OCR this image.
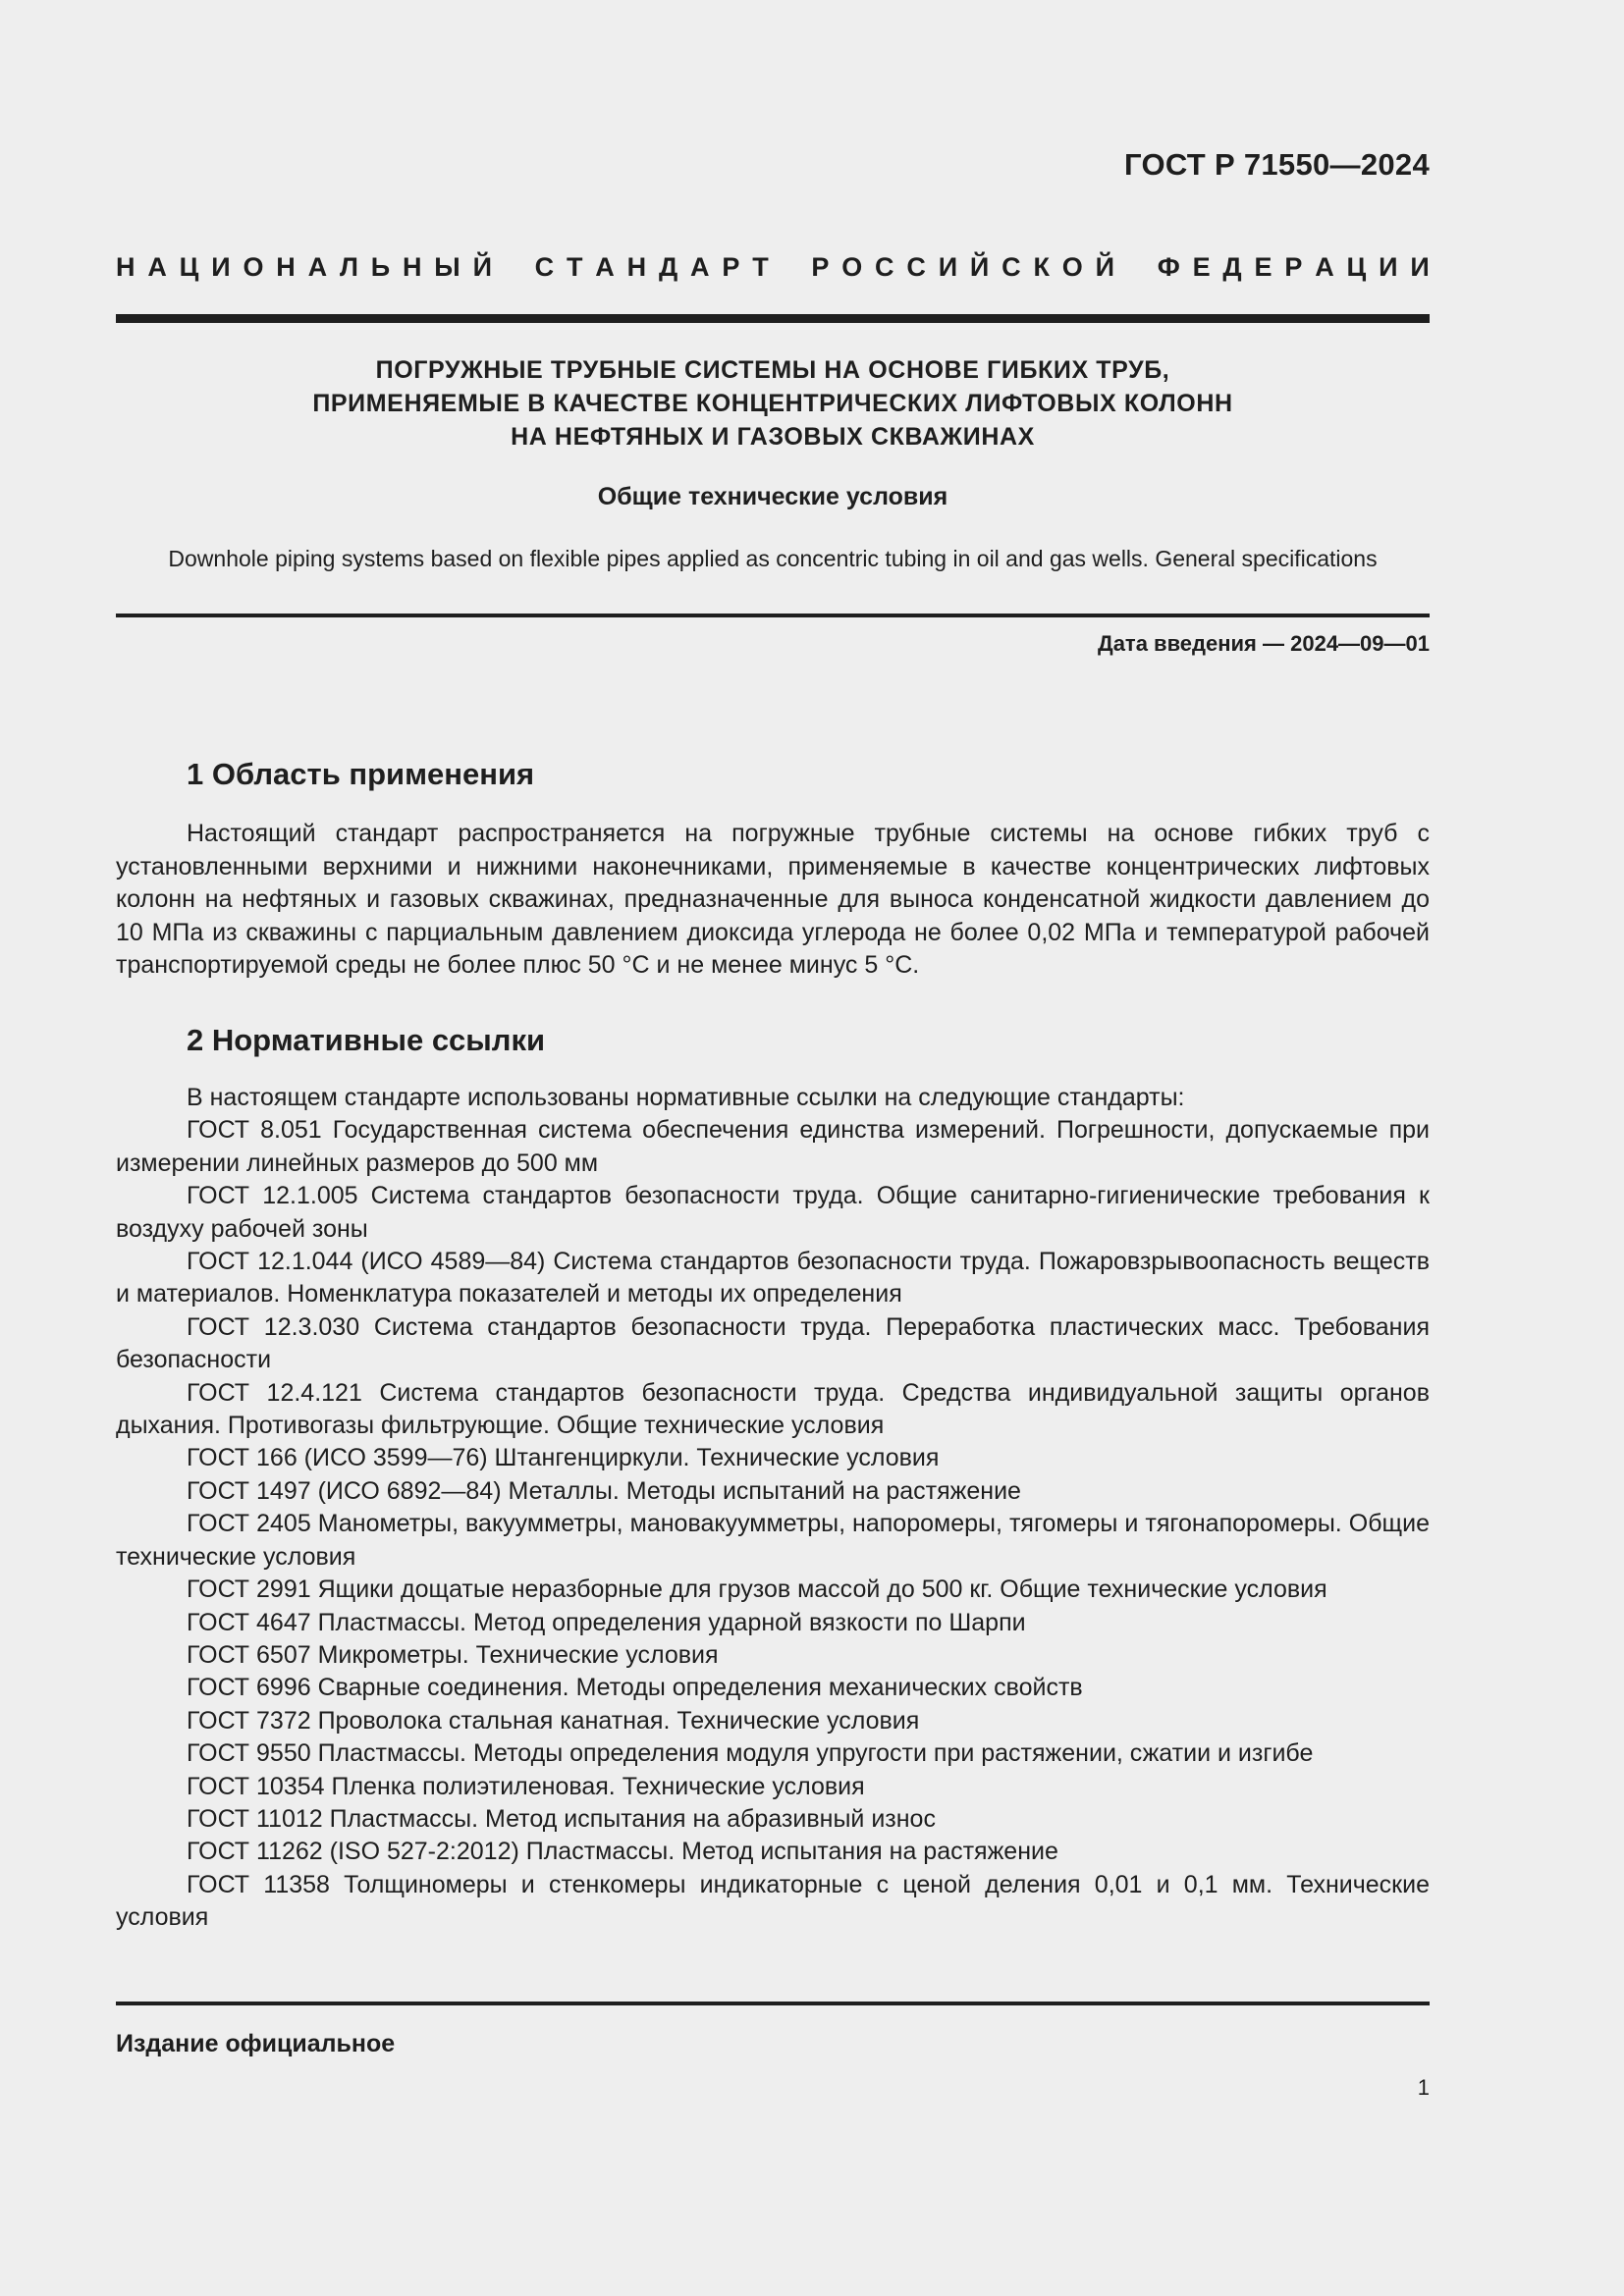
ГОСТ Р 71550—2024
Н А Ц И О Н А Л Ь Н Ы Й
С Т А Н Д А Р Т
Р О С С И Й С К О Й
Ф Е Д Е Р А Ц И И
ПОГРУЖНЫЕ ТРУБНЫЕ СИСТЕМЫ НА ОСНОВЕ ГИБКИХ ТРУБ,
ПРИМЕНЯЕМЫЕ В КАЧЕСТВЕ КОНЦЕНТРИЧЕСКИХ ЛИФТОВЫХ КОЛОНН
НА НЕФТЯНЫХ И ГАЗОВЫХ СКВАЖИНАХ
Общие технические условия
Downhole piping systems based on flexible pipes applied as concentric tubing in oil and gas wells. General specifications
Дата введения — 2024—09—01
1 Область применения
Настоящий стандарт распространяется на погружные трубные системы на основе гибких труб с установленными верхними и нижними наконечниками, применяемые в качестве концентрических лифтовых колонн на нефтяных и газовых скважинах, предназначенные для выноса конденсатной жидкости давлением до 10 МПа из скважины с парциальным давлением диоксида углерода не более 0,02 МПа и температурой рабочей транспортируемой среды не более плюс 50 °С и не менее минус 5 °С.
2 Нормативные ссылки

В настоящем стандарте использованы нормативные ссылки на следующие стандарты:

ГОСТ 8.051 Государственная система обеспечения единства измерений. Погрешности, допускаемые при измерении линейных размеров до 500 мм

ГОСТ 12.1.005 Система стандартов безопасности труда. Общие санитарно-гигиенические требования к воздуху рабочей зоны

ГОСТ 12.1.044 (ИСО 4589—84) Система стандартов безопасности труда. Пожаровзрывоопасность веществ и материалов. Номенклатура показателей и методы их определения

ГОСТ 12.3.030 Система стандартов безопасности труда. Переработка пластических масс. Требования безопасности

ГОСТ 12.4.121 Система стандартов безопасности труда. Средства индивидуальной защиты органов дыхания. Противогазы фильтрующие. Общие технические условия

ГОСТ 166 (ИСО 3599—76) Штангенциркули. Технические условия

ГОСТ 1497 (ИСО 6892—84) Металлы. Методы испытаний на растяжение

ГОСТ 2405 Манометры, вакуумметры, мановакуумметры, напоромеры, тягомеры и тягонапоромеры. Общие технические условия

ГОСТ 2991 Ящики дощатые неразборные для грузов массой до 500 кг. Общие технические условия

ГОСТ 4647 Пластмассы. Метод определения ударной вязкости по Шарпи

ГОСТ 6507 Микрометры. Технические условия

ГОСТ 6996 Сварные соединения. Методы определения механических свойств

ГОСТ 7372 Проволока стальная канатная. Технические условия

ГОСТ 9550 Пластмассы. Методы определения модуля упругости при растяжении, сжатии и изгибе

ГОСТ 10354 Пленка полиэтиленовая. Технические условия

ГОСТ 11012 Пластмассы. Метод испытания на абразивный износ

ГОСТ 11262 (ISO 527-2:2012) Пластмассы. Метод испытания на растяжение

ГОСТ 11358 Толщиномеры и стенкомеры индикаторные с ценой деления 0,01 и 0,1 мм. Технические условия

Издание официальное
1
